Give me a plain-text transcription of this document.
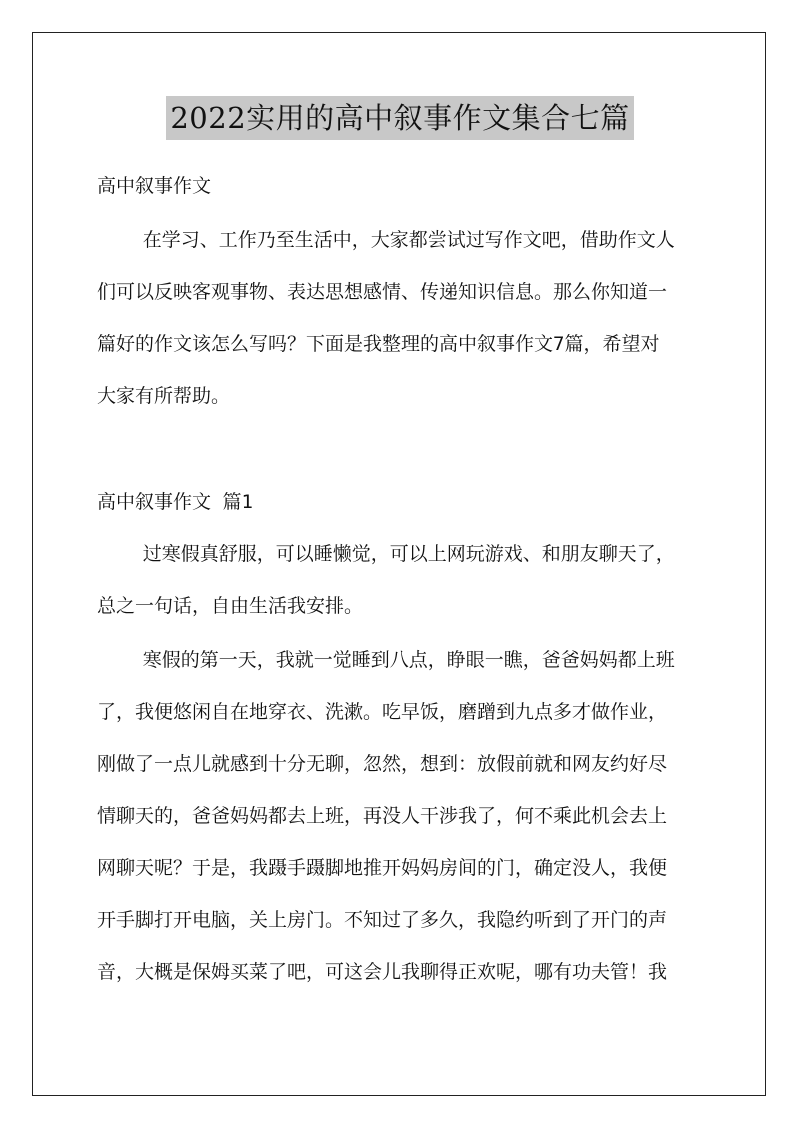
2022实用的高中叙事作文集合七篇
高中叙事作文
在学习、工作乃至生活中，大家都尝试过写作文吧，借助作文人
们可以反映客观事物、表达思想感情、传递知识信息。那么你知道一
篇好的作文该怎么写吗？下面是我整理的高中叙事作文7篇，希望对
大家有所帮助。
高中叙事作文 篇1
过寒假真舒服，可以睡懒觉，可以上网玩游戏、和朋友聊天了，
总之一句话，自由生活我安排。
寒假的第一天，我就一觉睡到八点，睁眼一瞧，爸爸妈妈都上班
了，我便悠闲自在地穿衣、洗漱。吃早饭，磨蹭到九点多才做作业，
刚做了一点儿就感到十分无聊，忽然，想到：放假前就和网友约好尽
情聊天的，爸爸妈妈都去上班，再没人干涉我了，何不乘此机会去上
网聊天呢？于是，我蹑手蹑脚地推开妈妈房间的门，确定没人，我便
开手脚打开电脑，关上房门。不知过了多久，我隐约听到了开门的声
音，大概是保姆买菜了吧，可这会儿我聊得正欢呢，哪有功夫管！我
